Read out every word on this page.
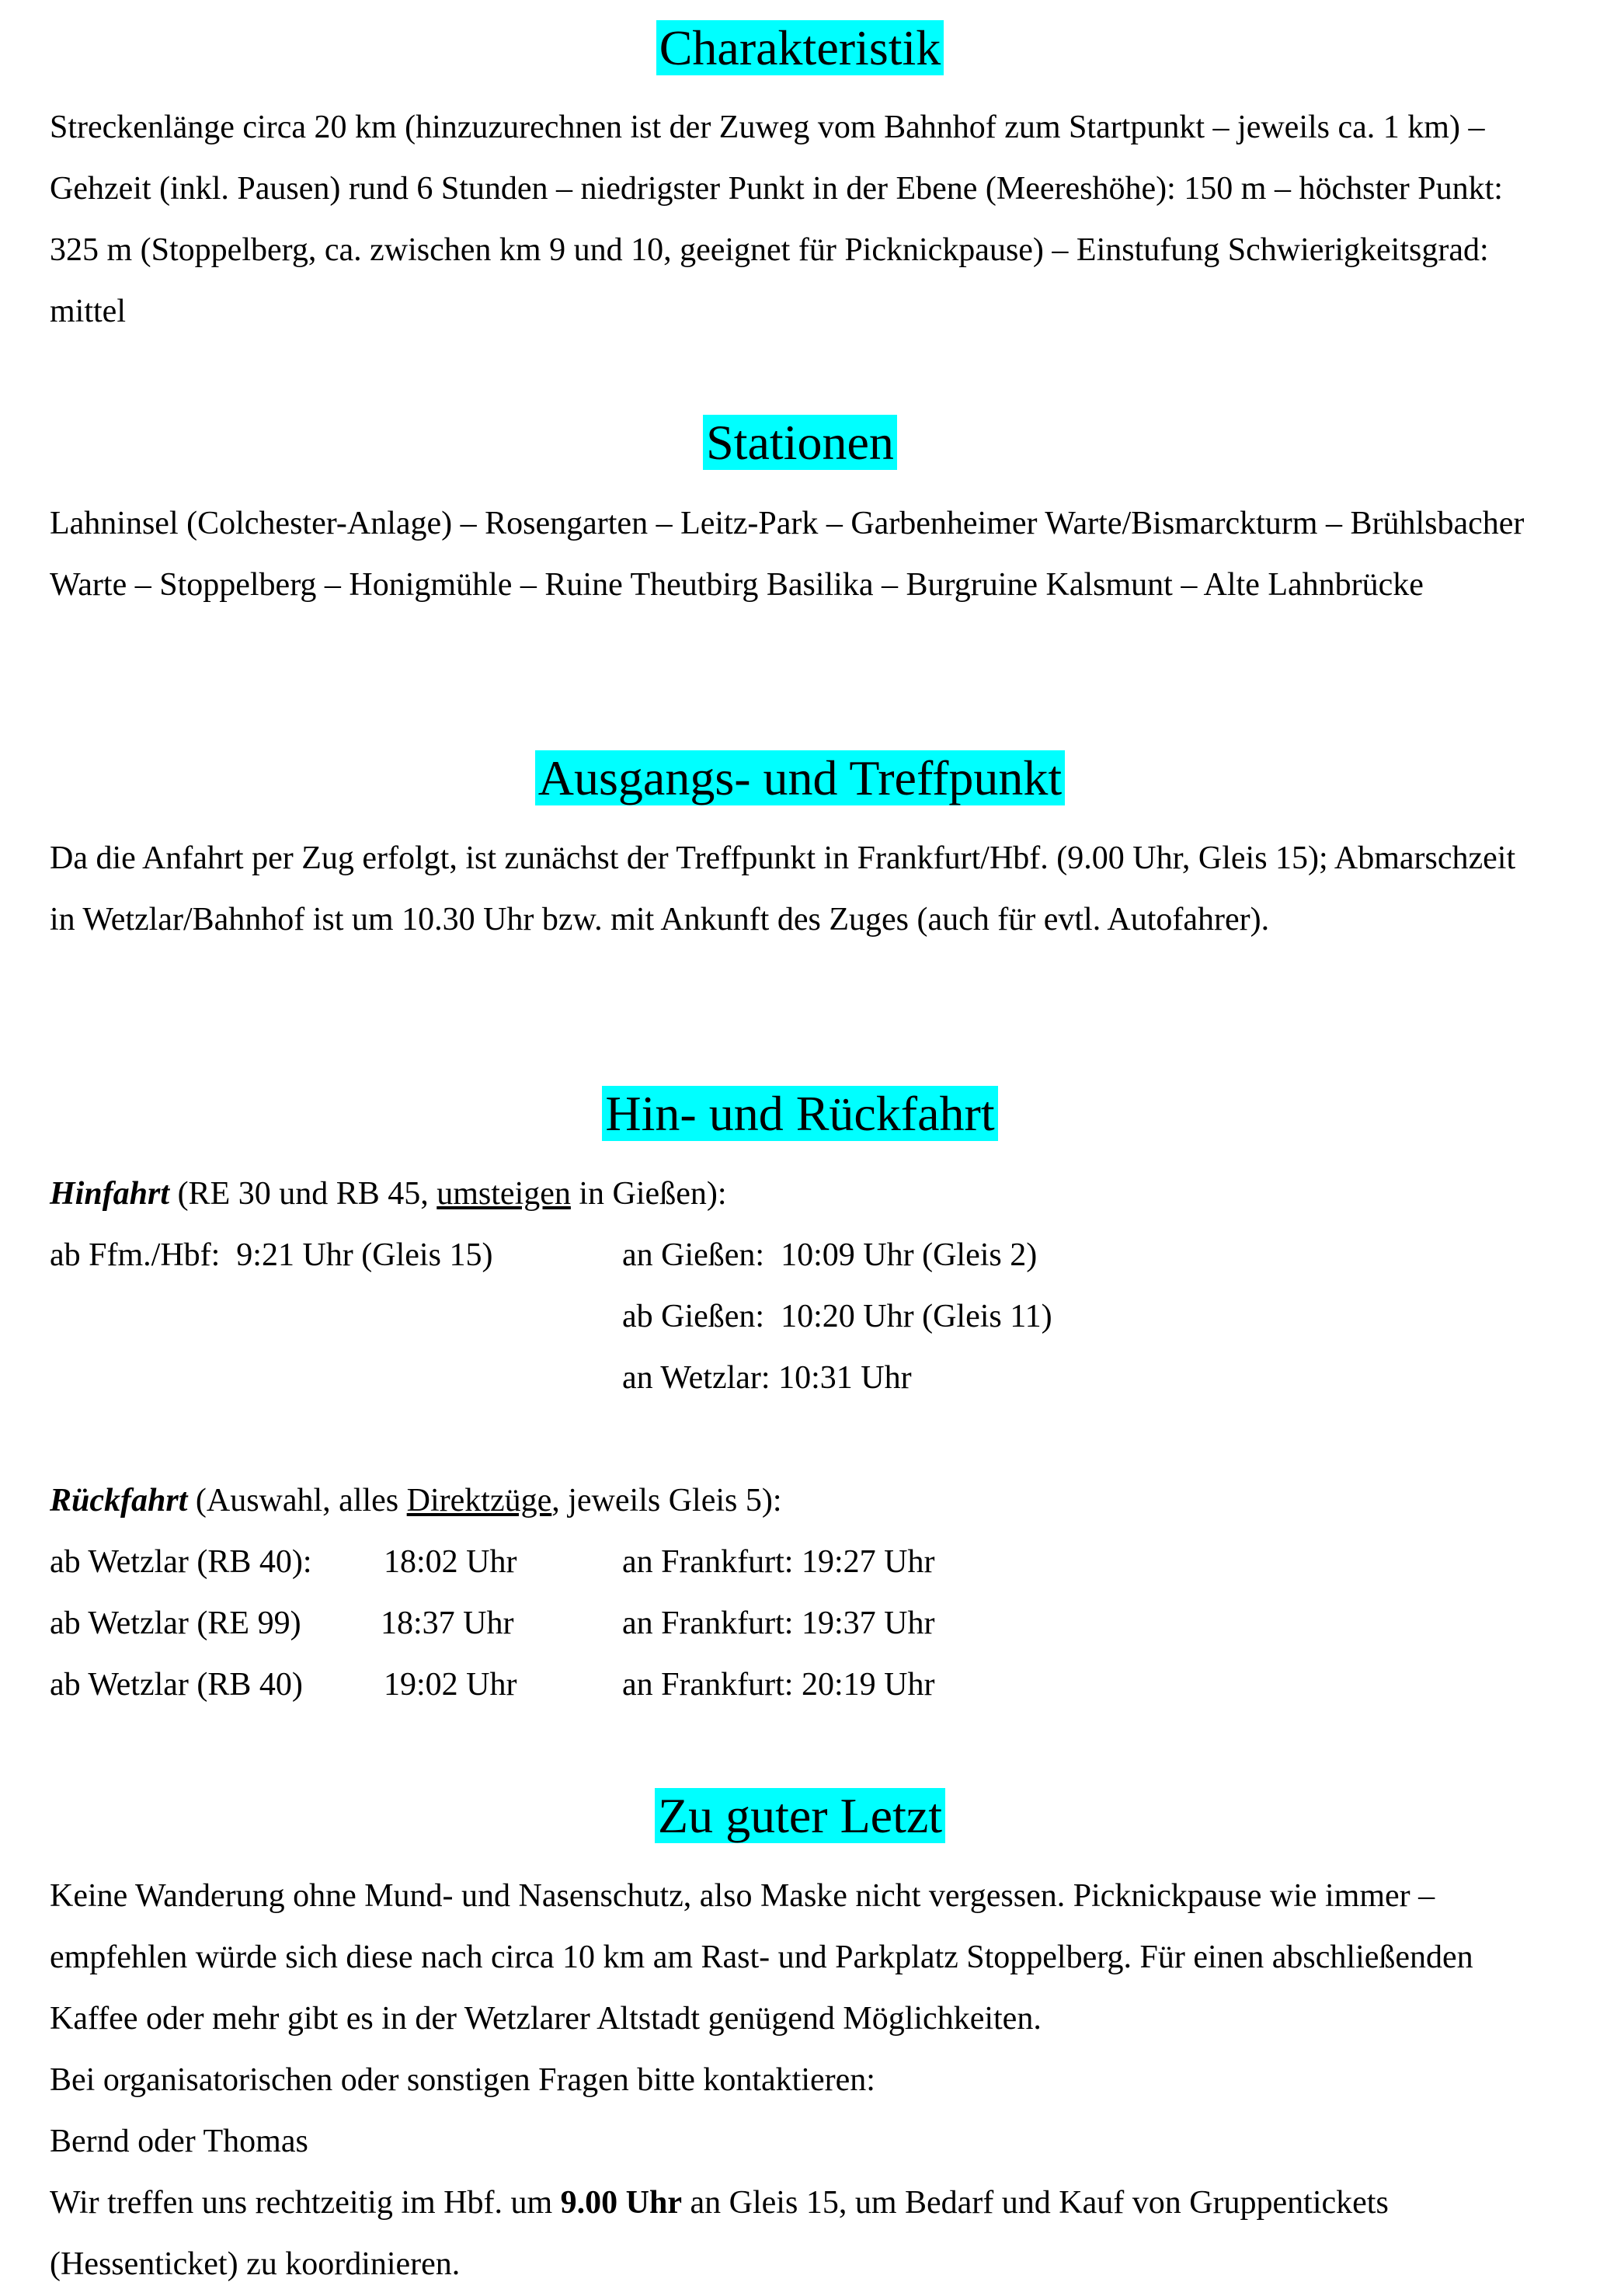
Charakteristik

Streckenlänge circa 20 km (hinzuzurechnen ist der Zuweg vom Bahnhof zum Startpunkt – jeweils ca. 1 km) – Gehzeit (inkl. Pausen) rund 6 Stunden – niedrigster Punkt in der Ebene (Meereshöhe): 150 m – höchster Punkt: 325 m (Stoppelberg, ca. zwischen km 9 und 10, geeignet für Picknickpause) – Einstufung Schwierigkeitsgrad: mittel

Stationen

Lahninsel (Colchester-Anlage) – Rosengarten – Leitz-Park – Garbenheimer Warte/Bismarckturm – Brühlsbacher Warte – Stoppelberg – Honigmühle – Ruine Theutbirg Basilika – Burgruine Kalsmunt – Alte Lahnbrücke

Ausgangs- und Treffpunkt

Da die Anfahrt per Zug erfolgt, ist zunächst der Treffpunkt in Frankfurt/Hbf. (9.00 Uhr, Gleis 15); Abmarschzeit in Wetzlar/Bahnhof ist um 10.30 Uhr bzw. mit Ankunft des Zuges (auch für evtl. Autofahrer).

Hin- und Rückfahrt
Hinfahrt (RE 30 und RB 45, umsteigen in Gießen):
ab Ffm./Hbf:  9:21 Uhr (Gleis 15)	an Gießen:  10:09 Uhr (Gleis 2)
ab Gießen:  10:20 Uhr (Gleis 11)
an Wetzlar: 10:31 Uhr
Rückfahrt (Auswahl, alles Direktzüge, jeweils Gleis 5):
ab Wetzlar (RB 40): 18:02 Uhr	an Frankfurt: 19:27 Uhr
ab Wetzlar (RE 99) 18:37 Uhr	an Frankfurt: 19:37 Uhr
ab Wetzlar (RB 40) 19:02 Uhr	an Frankfurt: 20:19 Uhr
Zu guter Letzt
Keine Wanderung ohne Mund- und Nasenschutz, also Maske nicht vergessen. Picknickpause wie immer – empfehlen würde sich diese nach circa 10 km am Rast- und Parkplatz Stoppelberg. Für einen abschließenden Kaffee oder mehr gibt es in der Wetzlarer Altstadt genügend Möglichkeiten.
Bei organisatorischen oder sonstigen Fragen bitte kontaktieren:
Bernd oder Thomas
Wir treffen uns rechtzeitig im Hbf. um 9.00 Uhr an Gleis 15, um Bedarf und Kauf von Gruppentickets (Hessenticket) zu koordinieren.
